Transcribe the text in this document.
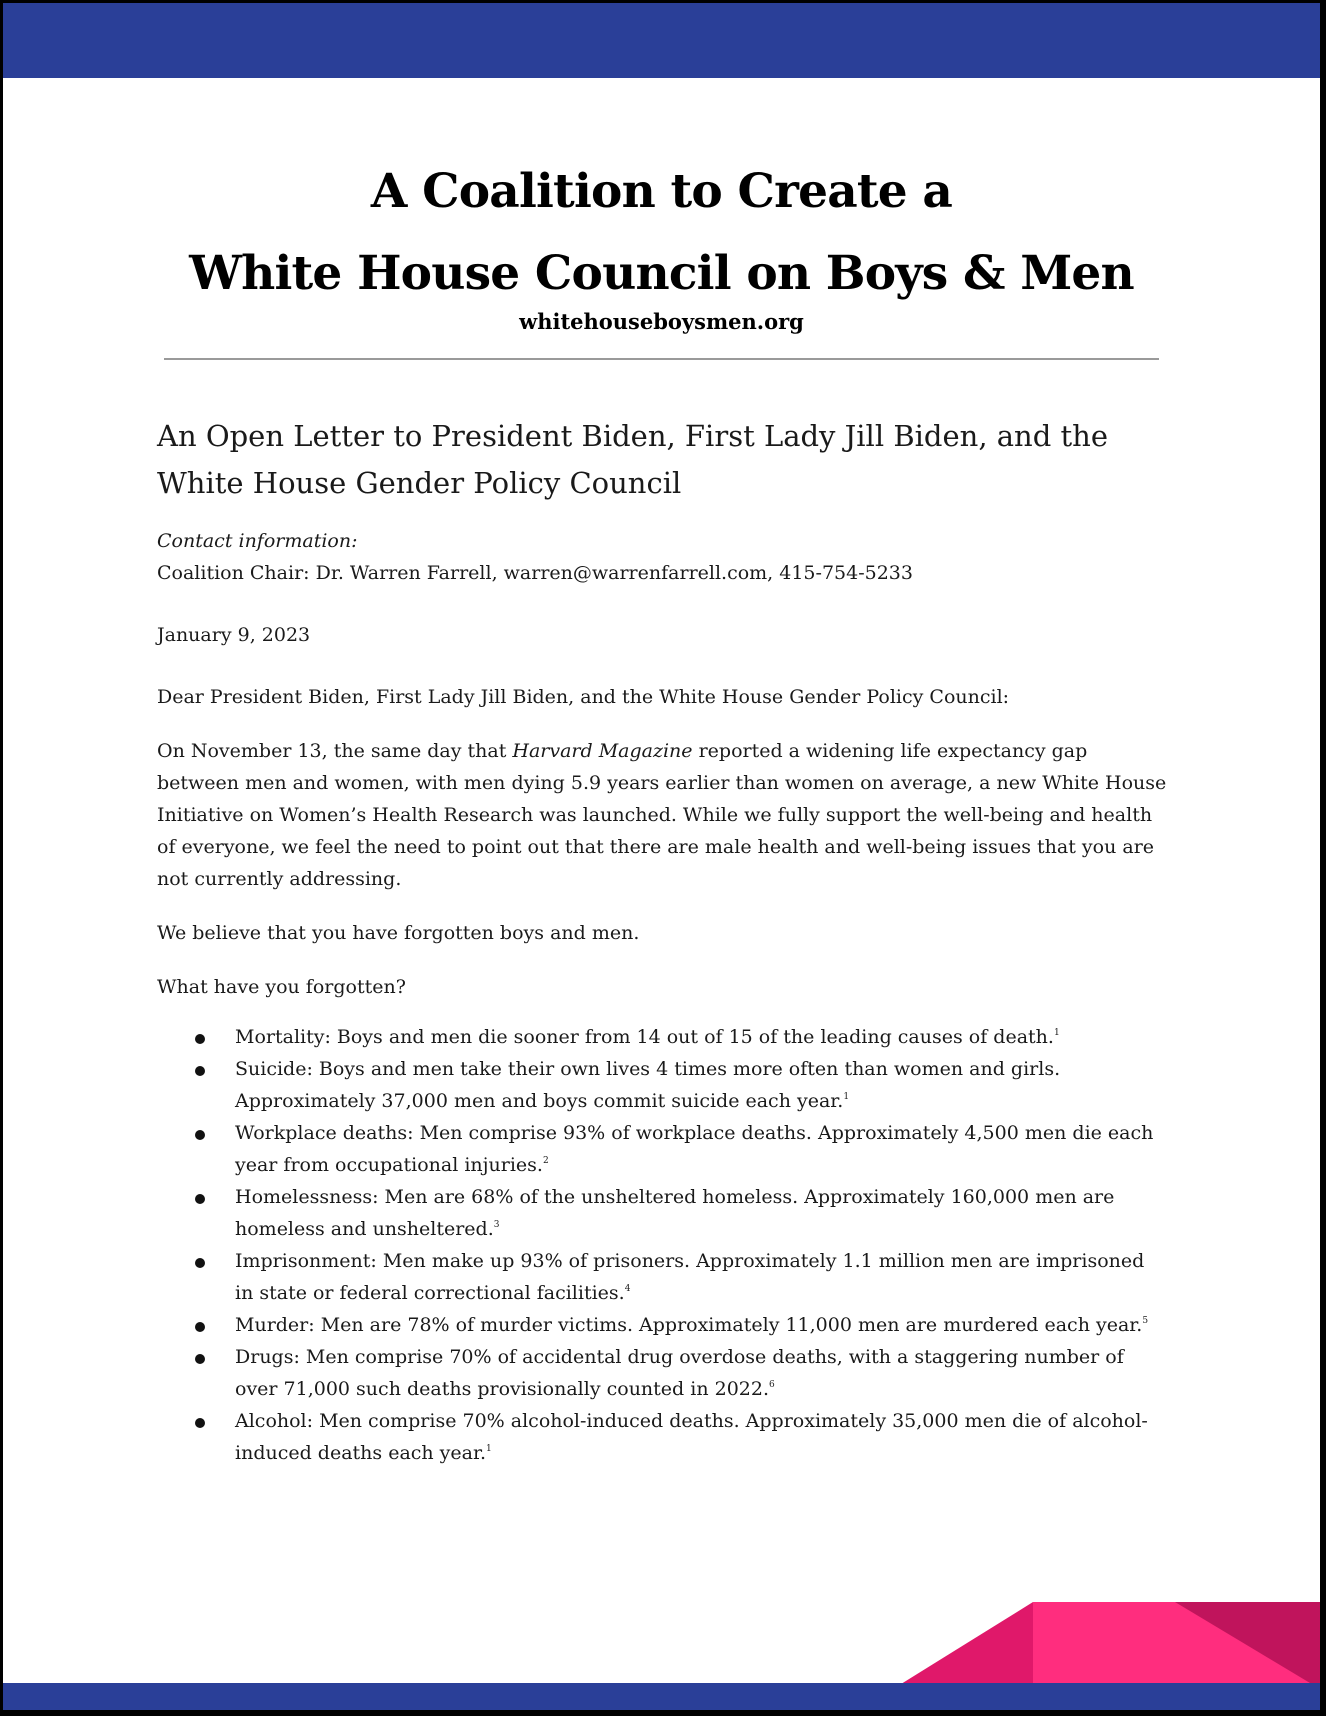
A Coalition to Create a
White House Council on Boys & Men
whitehouseboysmen.org
An Open Letter to President Biden, First Lady Jill Biden, and the
White House Gender Policy Council

Contact information:

Coalition Chair: Dr. Warren Farrell, warren@warrenfarrell.com, 415-754-5233

January 9, 2023

Dear President Biden, First Lady Jill Biden, and the White House Gender Policy Council:

On November 13, the same day that Harvard Magazine reported a widening life expectancy gap between men and women, with men dying 5.9 years earlier than women on average, a new White House Initiative on Women’s Health Research was launched. While we fully support the well-being and health of everyone, we feel the need to point out that there are male health and well-being issues that you are not currently addressing.

We believe that you have forgotten boys and men.

What have you forgotten?

Mortality: Boys and men die sooner from 14 out of 15 of the leading causes of death.$^1$
Suicide: Boys and men take their own lives 4 times more often than women and girls. Approximately 37,000 men and boys commit suicide each year.$^1$
Workplace deaths: Men comprise 93% of workplace deaths. Approximately 4,500 men die each year from occupational injuries.$^2$
Homelessness: Men are 68% of the unsheltered homeless. Approximately 160,000 men are homeless and unsheltered.$^3$
Imprisonment: Men make up 93% of prisoners. Approximately 1.1 million men are imprisoned in state or federal correctional facilities.$^4$
Murder: Men are 78% of murder victims. Approximately 11,000 men are murdered each year.$^5$
Drugs: Men comprise 70% of accidental drug overdose deaths, with a staggering number of over 71,000 such deaths provisionally counted in 2022.$^6$
Alcohol: Men comprise 70% alcohol-induced deaths. Approximately 35,000 men die of alcohol-induced deaths each year.$^1$
